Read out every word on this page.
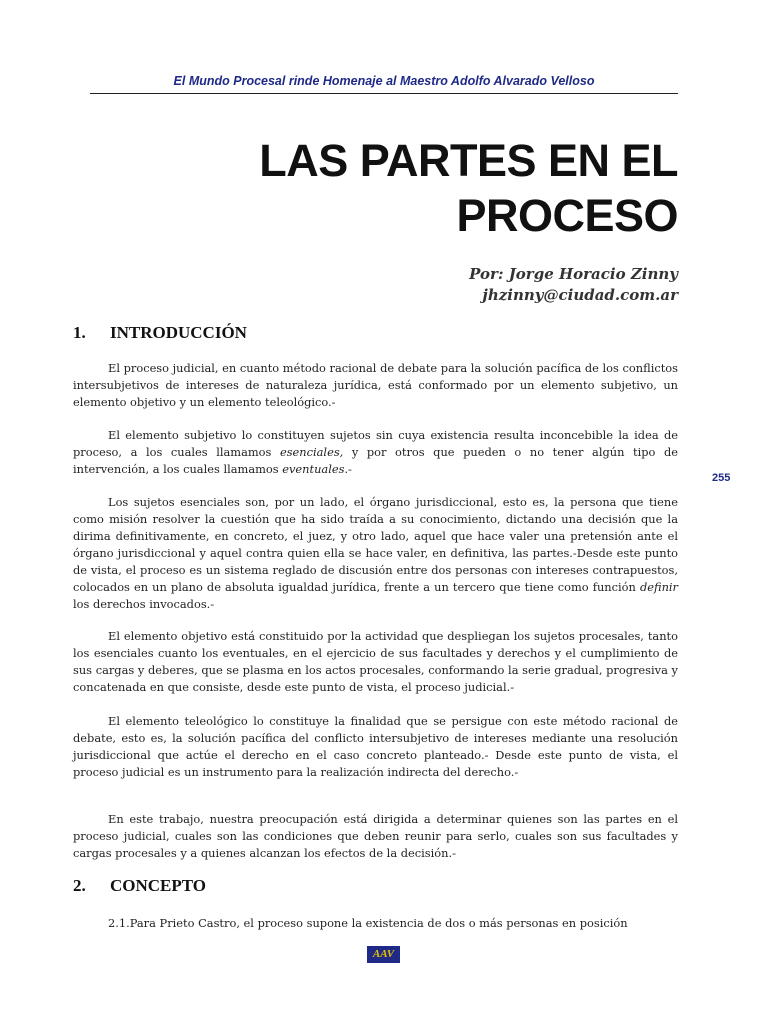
El Mundo Procesal rinde Homenaje al Maestro Adolfo Alvarado Velloso
LAS PARTES EN EL
PROCESO
Por: Jorge Horacio Zinny
jhzinny@ciudad.com.ar
1. INTRODUCCIÓN
El proceso judicial, en cuanto método racional de debate para la solución pacífica de los conflictos intersubjetivos de intereses de naturaleza jurídica, está conformado por un elemento subjetivo, un elemento objetivo y un elemento teleológico.-
El elemento subjetivo lo constituyen sujetos sin cuya existencia resulta inconcebible la idea de proceso, a los cuales llamamos esenciales, y por otros que pueden o no tener algún tipo de intervención, a los cuales llamamos eventuales.-
Los sujetos esenciales son, por un lado, el órgano jurisdiccional, esto es, la persona que tiene como misión resolver la cuestión que ha sido traída a su conocimiento, dictando una decisión que la dirima definitivamente, en concreto, el juez, y otro lado, aquel que hace valer una pretensión ante el órgano jurisdiccional y aquel contra quien ella se hace valer, en definitiva, las partes.-Desde este punto de vista, el proceso es un sistema reglado de discusión entre dos personas con intereses contrapuestos, colocados en un plano de absoluta igualdad jurídica, frente a un tercero que tiene como función definir los derechos invocados.-
El elemento objetivo está constituido por la actividad que despliegan los sujetos procesales, tanto los esenciales cuanto los eventuales, en el ejercicio de sus facultades y derechos y el cumplimiento de sus cargas y deberes, que se plasma en los actos procesales, conformando la serie gradual, progresiva y concatenada en que consiste, desde este punto de vista, el proceso judicial.-
El elemento teleológico lo constituye la finalidad que se persigue con este método racional de debate, esto es, la solución pacífica del conflicto intersubjetivo de intereses mediante una resolución jurisdiccional que actúe el derecho en el caso concreto planteado.- Desde este punto de vista, el proceso judicial es un instrumento para la realización indirecta del derecho.-
En este trabajo, nuestra preocupación está dirigida a determinar quienes son las partes en el proceso judicial, cuales son las condiciones que deben reunir para serlo, cuales son sus facultades y cargas procesales y a quienes alcanzan los efectos de la decisión.-
2. CONCEPTO
2.1.Para Prieto Castro, el proceso supone la existencia de dos o más personas en posición
255
AAV
